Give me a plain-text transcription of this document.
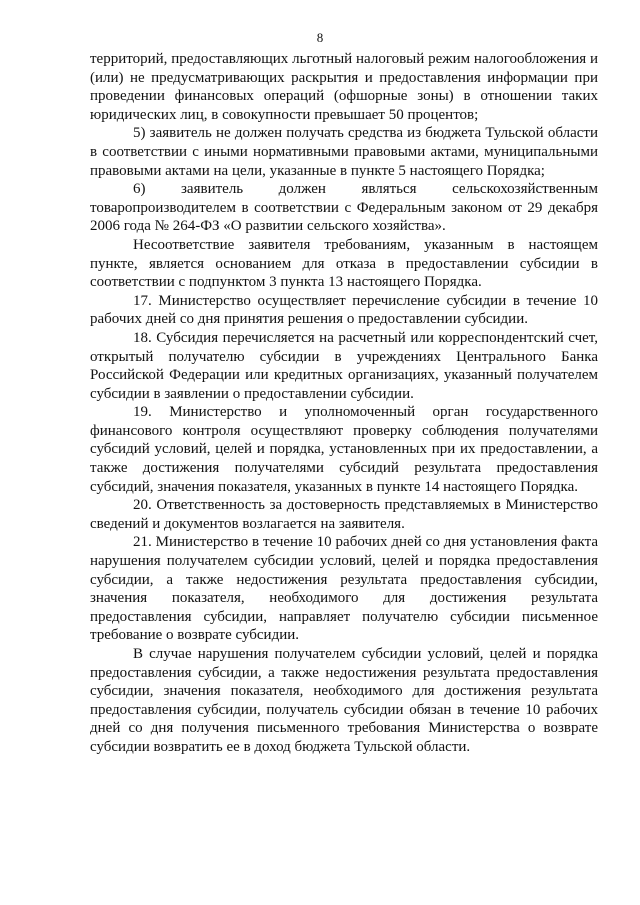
8

территорий, предоставляющих льготный налоговый режим налогообложения и (или) не предусматривающих раскрытия и предоставления информации при проведении финансовых операций (офшорные зоны) в отношении таких юридических лиц, в совокупности превышает 50 процентов;

5) заявитель не должен получать средства из бюджета Тульской области в соответствии с иными нормативными правовыми актами, муниципальными правовыми актами на цели, указанные в пункте 5 настоящего Порядка;

6) заявитель должен являться сельскохозяйственным товаропроизводителем в соответствии с Федеральным законом от 29 декабря 2006 года № 264-ФЗ «О развитии сельского хозяйства».

Несоответствие заявителя требованиям, указанным в настоящем пункте, является основанием для отказа в предоставлении субсидии в соответствии с подпунктом 3 пункта 13 настоящего Порядка.

17. Министерство осуществляет перечисление субсидии в течение 10 рабочих дней со дня принятия решения о предоставлении субсидии.

18. Субсидия перечисляется на расчетный или корреспондентский счет, открытый получателю субсидии в учреждениях Центрального Банка Российской Федерации или кредитных организациях, указанный получателем субсидии в заявлении о предоставлении субсидии.

19. Министерство и уполномоченный орган государственного финансового контроля осуществляют проверку соблюдения получателями субсидий условий, целей и порядка, установленных при их предоставлении, а также достижения получателями субсидий результата предоставления субсидий, значения показателя, указанных в пункте 14 настоящего Порядка.

20. Ответственность за достоверность представляемых в Министерство сведений и документов возлагается на заявителя.

21. Министерство в течение 10 рабочих дней со дня установления факта нарушения получателем субсидии условий, целей и порядка предоставления субсидии, а также недостижения результата предоставления субсидии, значения показателя, необходимого для достижения результата предоставления субсидии, направляет получателю субсидии письменное требование о возврате субсидии.

В случае нарушения получателем субсидии условий, целей и порядка предоставления субсидии, а также недостижения результата предоставления субсидии, значения показателя, необходимого для достижения результата предоставления субсидии, получатель субсидии обязан в течение 10 рабочих дней со дня получения письменного требования Министерства о возврате субсидии возвратить ее в доход бюджета Тульской области.
